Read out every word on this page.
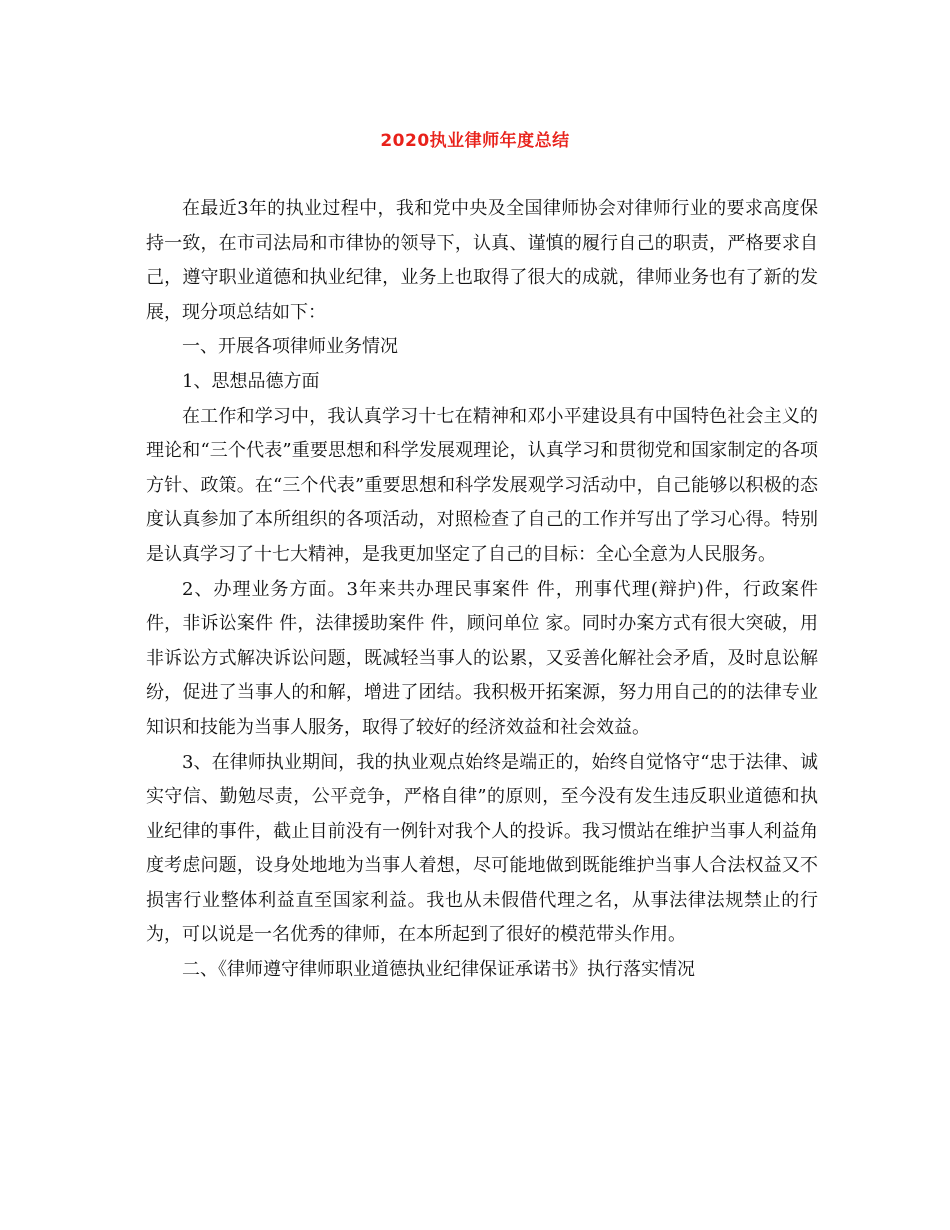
2020执业律师年度总结

在最近3年的执业过程中，我和党中央及全国律师协会对律师行业的要求高度保持一致，在市司法局和市律协的领导下，认真、谨慎的履行自己的职责，严格要求自己，遵守职业道德和执业纪律，业务上也取得了很大的成就，律师业务也有了新的发展，现分项总结如下：

一、开展各项律师业务情况

1、思想品德方面

在工作和学习中，我认真学习十七在精神和邓小平建设具有中国特色社会主义的理论和“三个代表”重要思想和科学发展观理论，认真学习和贯彻党和国家制定的各项方针、政策。在“三个代表”重要思想和科学发展观学习活动中，自己能够以积极的态度认真参加了本所组织的各项活动，对照检查了自己的工作并写出了学习心得。特别是认真学习了十七大精神，是我更加坚定了自己的目标：全心全意为人民服务。

2、办理业务方面。3年来共办理民事案件 件，刑事代理(辩护)件，行政案件 件，非诉讼案件 件，法律援助案件 件，顾问单位 家。同时办案方式有很大突破，用非诉讼方式解决诉讼问题，既减轻当事人的讼累，又妥善化解社会矛盾，及时息讼解纷，促进了当事人的和解，增进了团结。我积极开拓案源，努力用自己的的法律专业知识和技能为当事人服务，取得了较好的经济效益和社会效益。

3、在律师执业期间，我的执业观点始终是端正的，始终自觉恪守“忠于法律、诚实守信、勤勉尽责，公平竞争，严格自律”的原则，至今没有发生违反职业道德和执业纪律的事件，截止目前没有一例针对我个人的投诉。我习惯站在维护当事人利益角度考虑问题，设身处地地为当事人着想，尽可能地做到既能维护当事人合法权益又不损害行业整体利益直至国家利益。我也从未假借代理之名，从事法律法规禁止的行为，可以说是一名优秀的律师，在本所起到了很好的模范带头作用。

二、《律师遵守律师职业道德执业纪律保证承诺书》执行落实情况
